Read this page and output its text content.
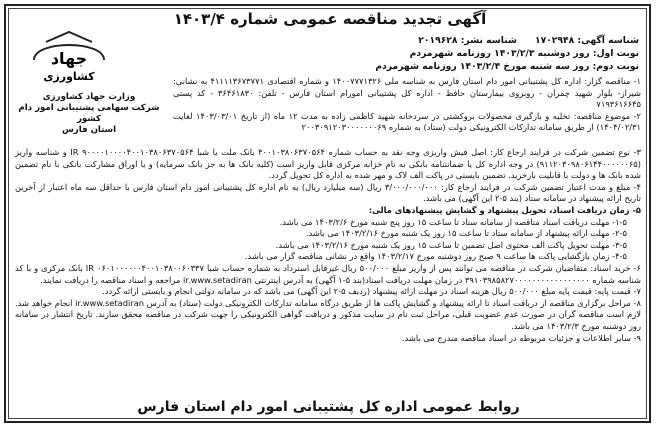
آگهی تجدید مناقصه عمومی شماره ۱۴۰۳/۴
شناسه آگهی: ۱۷۰۲۹۴۸
شناسه نشر: ۲۰۱۹۶۲۸
نوبت اول: روز دوشنبه ۱۴۰۳/۲/۳ روزنامه شهرمردم
نوبت دوم: روز سه شنبه مورخ ۱۴۰۳/۲/۴ روزنامه شهرمردم
جهاد
کشاورزی
وزارت جهاد کشاورزی
شرکت سهامی پشتیبانی امور دام کشور
استان فارس

۱- مناقصه گزار: اداره کل پشتیبانی امور دام استان فارس به شناسه ملی ۱۴۰۰۷۷۷۱۳۲۶ و شماره اقتصادی ۴۱۱۱۱۳۶۷۳۷۷۱ به نشانی: شیراز- بلوار شهید چمران - روبروی بیمارستان حافظ - اداره کل پشتیبانی امورام استان فارس - تلفن: ۳۶۴۶۱۸۳۰ - کد پستی ۷۱۹۳۶۱۶۶۴۵

۲- موضوع مناقصه: تخلیه و بارگیری محصولات بروکشتی در سردخانه شهید کاظمی زاده به مدت ۱۲ ماه (از تاریخ ۱۴۰۳/۰۳/۰۱ لغایت ۱۴۰۴/۰۲/۳۱) از طریق سامانه تدارکات الکترونیکی دولت (ستاد) به شماره ۲۰۰۳۰۹۱۲۰۳۰۰۰۰۰۰۰۶۹

۳- نوع تضمین شرکت در فرایند ارجاع کار: اصل فیش واریزی وجه نقد به حساب شماره ۴۰۰۱۰۳۸۰۶۳۷۰۵۶۴ بانک ملت یا شبا IR ۹۰۰۰۰۱۰۰۰۰۴۰۰۱۰۳۸۰۶۳۷۰۵۶۴ و شناسه واریز (۹۱۱۲۰۳۰۹۸۰۶۱۴۴۰۰۰۰۰۰۶۵) در وجه اداره کل یا ضمانتنامه بانکی به نام خزانه مرکزی قابل واریز است (کلیه بانک ها به جز بانک سرمایه) و یا اوراق مشارکت بانکی با نام تضمین شده بانک ها و دولت با قابلیت بازخرید. تضمین بایستی در پاکت الف لاک و مهر شده به اداره کل تحویل گردد.

۴- مبلغ و مدت اعتبار تضمین شرکت در فرایند ارجاع کار: ۳/۰۰۰/۰۰۰/۰۰۰ ریال (سه میلیارد ریال) به نام اداره کل پشتیبانی امور دام استان فارس با حداقل سه ماه اعتبار از آخرین تاریخ ارائه پیشنهاد در سامانه ستاد (بند ۵-۲ این آگهی) می باشد.

۵- زمان دریافت اسناد، تحویل پیشنهاد و گشایش پیشنهادهای مالی:

۱-۵- مهلت دریافت اسناد مناقصه از سامانه ستاد تا ساعت ۱۵ روز پنج شنبه مورخ ۱۴۰۳/۲/۶ می باشد.

۲-۵- مهلت ارائه پیشنهاد از سامانه ستاد تا ساعت ۱۵ روز یک شنبه مورخ ۱۴۰۳/۲/۱۶ می باشد.

۳-۵- مهلت تحویل پاکت الف محتوی اصل تضمین تا ساعت ۱۵ روز یک شنبه مورخ ۱۴۰۳/۲/۱۶ می باشد.

۴-۵- زمان بازگشایی پاکت ها ساعت ۹ صبح روز دوشنبه مورخ ۱۴۰۳/۲/۱۷ واقع در نشانی مناقصه گزار می باشد.

۶- خرید اسناد: متقاضیان شرکت در مناقصه می توانند پس از واریز مبلغ ۵۰۰/۰۰۰ ریال غیرقابل استرداد به شماره حساب شبا IR ۰۶۰۱۰۰۰۰۰۰۴۰۰۱۰۳۸۰۰۶۰۳۳۷ بانک مرکزی و با کد شناسه شماره ۳۹۱۰۳۹۸۵۸۲۷۰۰۰۰۰۰۰۰۰۰۰۰۰۰۰۰۰ در زمان مهلت دریافت اسناد(بند ۵-۱ آگهی) به آدرس اینترنتی ir.www.setadiran مراجعه و اسناد مناقصه را دریافت نمایند.

۷- قیمت پایه: قیمت پایه مبلغ ۵۰۰/۰۰۰ ریال هزینه اسناد در مهلت ارائه پیشنهاد (ردیف ۵-۲ این آگهی) می باشد که در سامانه دولتی انجام و بایستی ارائه گردد.

۸- مراحل برگزاری مناقصه از دریافت اسناد تا ارائه پیشنهاد و گشایش پاکت ها از طریق درگاه سامانه تدارکات الکترونیکی دولت (ستاد) به آدرس ir.www.setadiran انجام خواهد شد. لازم است مناقصه گران در صورت عدم عضویت قبلی، مراحل ثبت نام در سایت مذکور و دریافت گواهی الکترونیکی را جهت شرکت در مناقصه محقق سازند. تاریخ انتشار در سامانه روز دوشنبه مورخ ۱۴۰۳/۲/۳ می باشد.

۹- سایر اطلاعات و جزئیات مربوطه در اسناد مناقصه مندرج می باشد.

روابط عمومی اداره کل پشتیبانی امور دام استان فارس
